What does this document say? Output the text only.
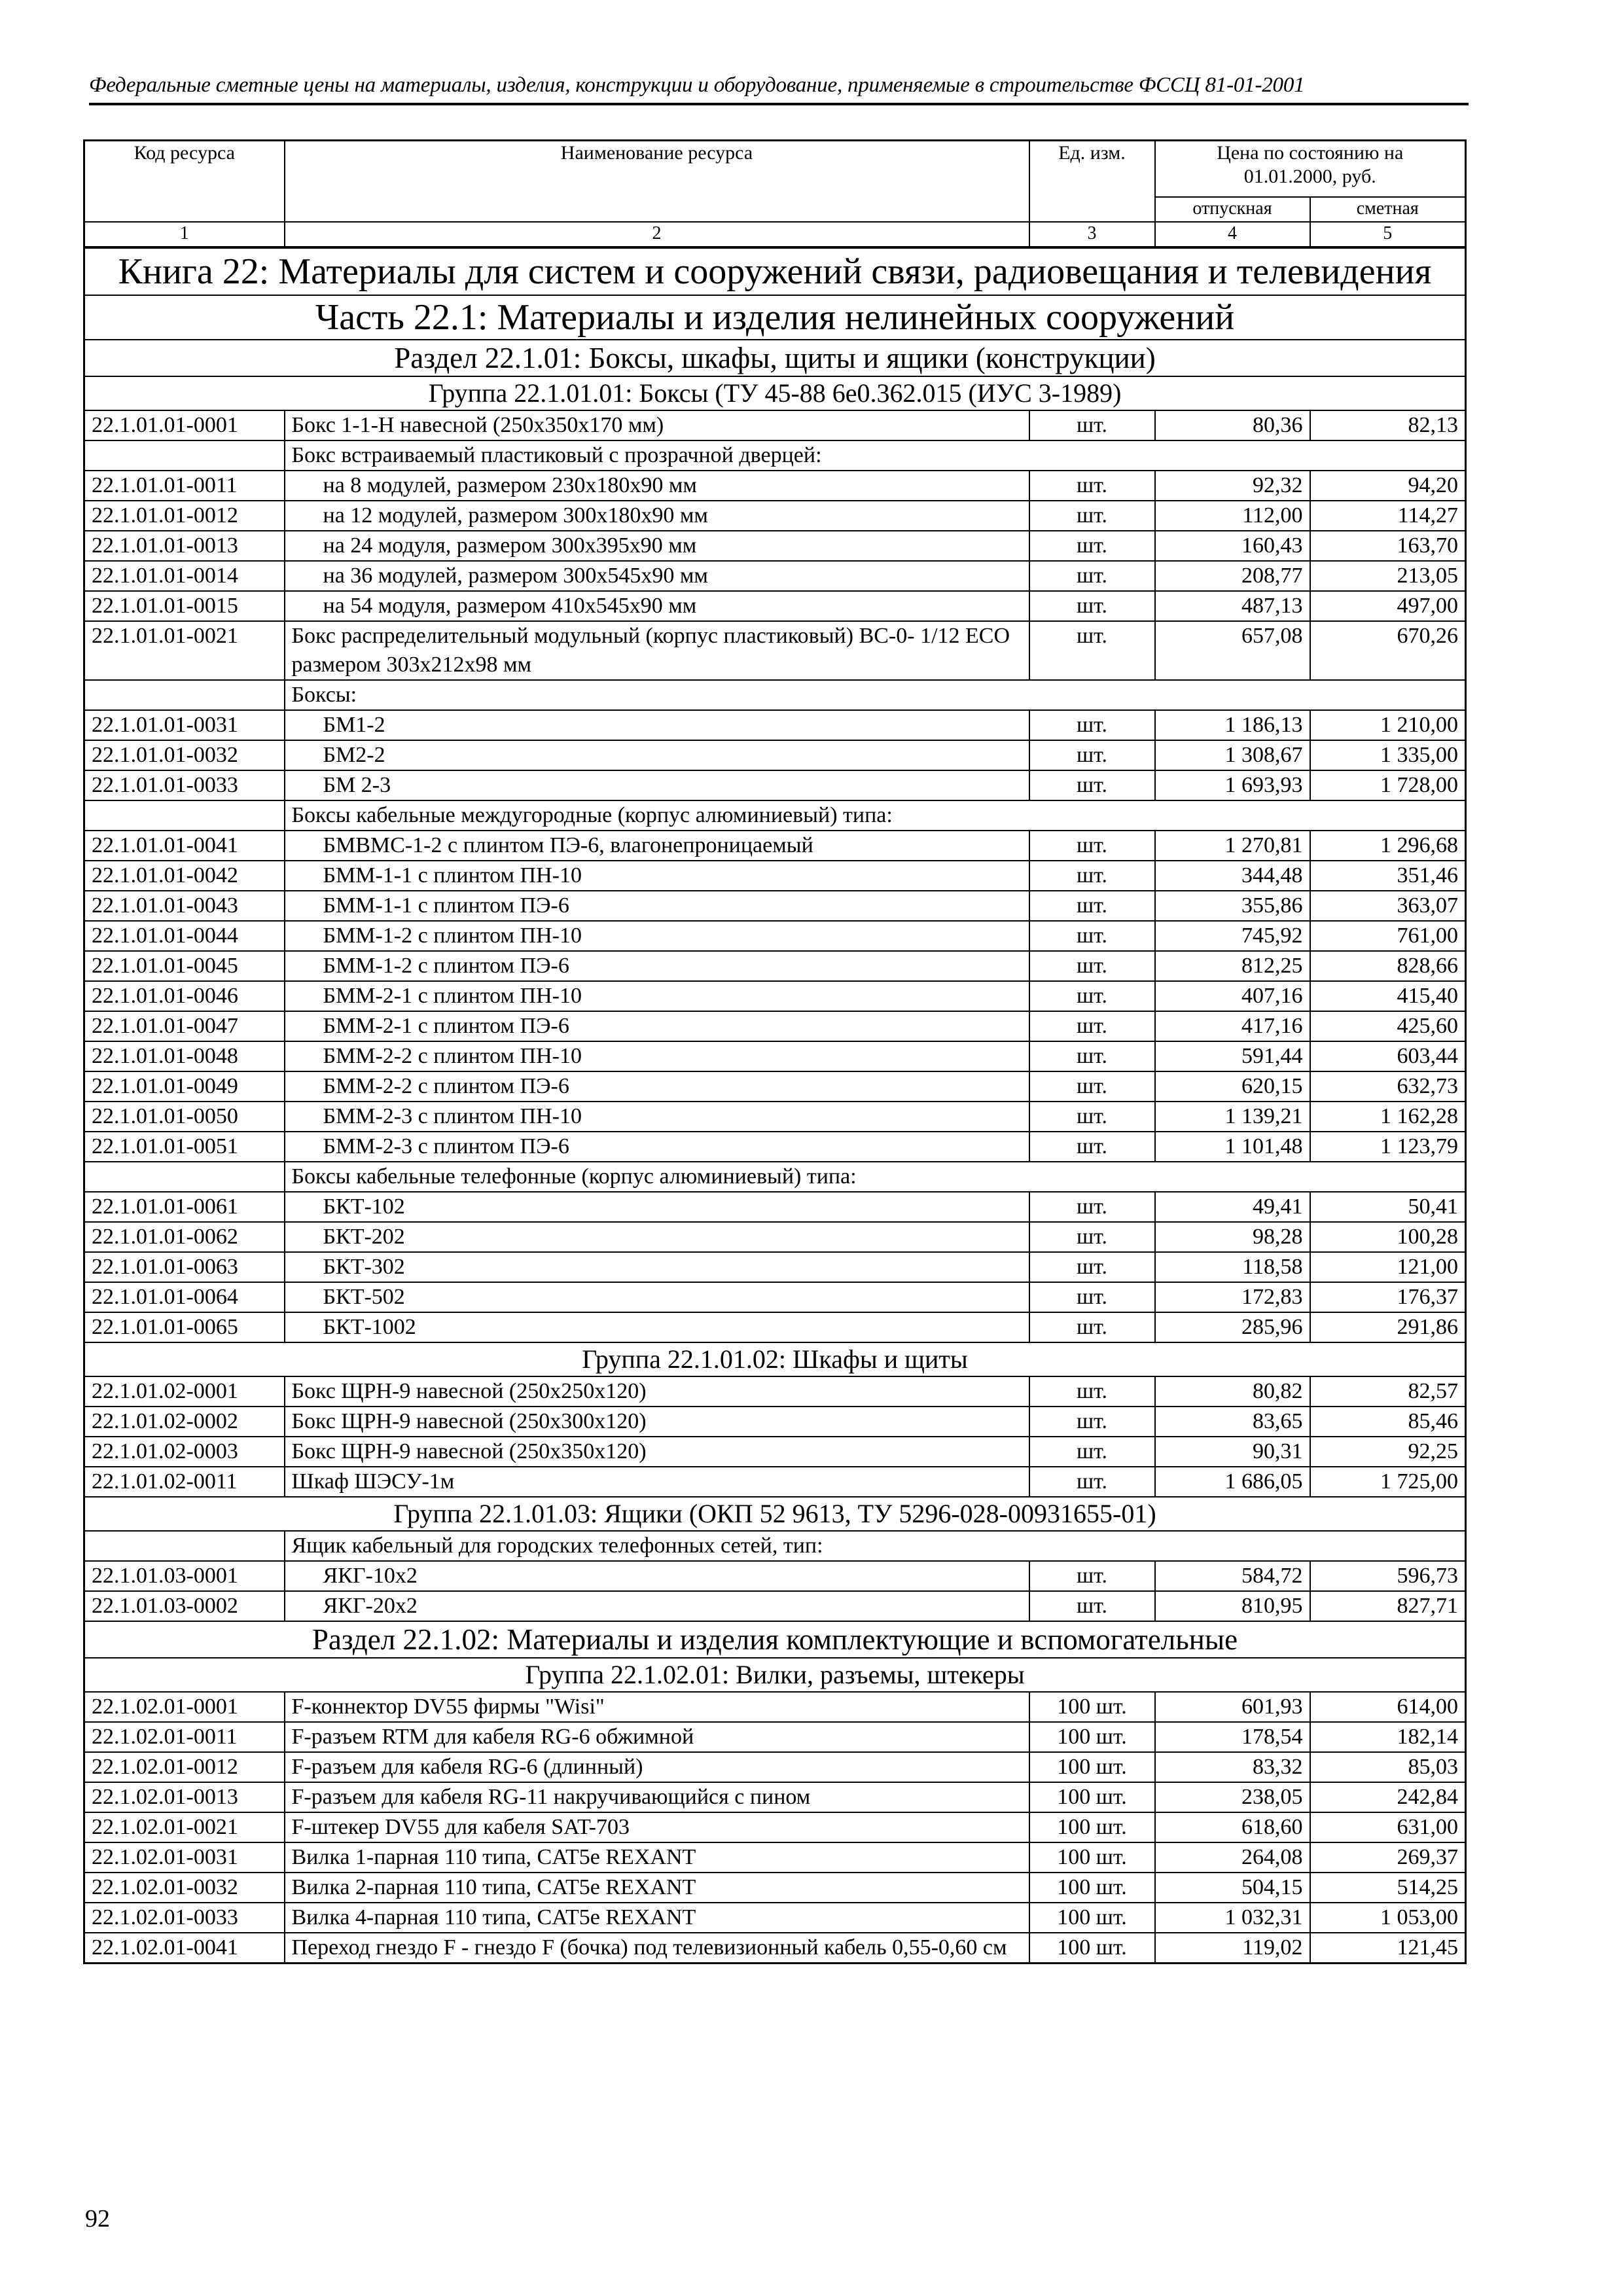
Федеральные сметные цены на материалы, изделия, конструкции и оборудование, применяемые в строительстве ФССЦ 81-01-2001
Код ресурса	Наименование ресурса	Ед. изм.	Цена по состоянию на 01.01.2000, руб.	
			отпускная	сметная
1	2	3	4	5
Книга 22: Материалы для систем и сооружений связи, радиовещания и телевидения				
Часть 22.1: Материалы и изделия нелинейных сооружений				
Раздел 22.1.01: Боксы, шкафы, щиты и ящики (конструкции)				
Группа 22.1.01.01: Боксы (ТУ 45-88 6е0.362.015 (ИУС 3-1989)				
22.1.01.01-0001	Бокс 1-1-Н навесной (250х350х170 мм)	шт.	80,36	82,13
	Бокс встраиваемый пластиковый с прозрачной дверцей:			
22.1.01.01-0011	на 8 модулей, размером 230х180х90 мм	шт.	92,32	94,20
22.1.01.01-0012	на 12 модулей, размером 300х180х90 мм	шт.	112,00	114,27
22.1.01.01-0013	на 24 модуля, размером 300х395х90 мм	шт.	160,43	163,70
22.1.01.01-0014	на 36 модулей, размером 300х545х90 мм	шт.	208,77	213,05
22.1.01.01-0015	на 54 модуля, размером 410х545х90 мм	шт.	487,13	497,00
22.1.01.01-0021	Бокс распределительный модульный (корпус пластиковый) BC-0- 1/12 ECO размером 303х212х98 мм	шт.	657,08	670,26
	Боксы:			
22.1.01.01-0031	БМ1-2	шт.	1 186,13	1 210,00
22.1.01.01-0032	БМ2-2	шт.	1 308,67	1 335,00
22.1.01.01-0033	БМ 2-3	шт.	1 693,93	1 728,00
	Боксы кабельные междугородные (корпус алюминиевый) типа:			
22.1.01.01-0041	БМВМС-1-2 с плинтом ПЭ-6, влагонепроницаемый	шт.	1 270,81	1 296,68
22.1.01.01-0042	БММ-1-1 с плинтом ПН-10	шт.	344,48	351,46
22.1.01.01-0043	БММ-1-1 с плинтом ПЭ-6	шт.	355,86	363,07
22.1.01.01-0044	БММ-1-2 с плинтом ПН-10	шт.	745,92	761,00
22.1.01.01-0045	БММ-1-2 с плинтом ПЭ-6	шт.	812,25	828,66
22.1.01.01-0046	БММ-2-1 с плинтом ПН-10	шт.	407,16	415,40
22.1.01.01-0047	БММ-2-1 с плинтом ПЭ-6	шт.	417,16	425,60
22.1.01.01-0048	БММ-2-2 с плинтом ПН-10	шт.	591,44	603,44
22.1.01.01-0049	БММ-2-2 с плинтом ПЭ-6	шт.	620,15	632,73
22.1.01.01-0050	БММ-2-3 с плинтом ПН-10	шт.	1 139,21	1 162,28
22.1.01.01-0051	БММ-2-3 с плинтом ПЭ-6	шт.	1 101,48	1 123,79
	Боксы кабельные телефонные (корпус алюминиевый) типа:			
22.1.01.01-0061	БКТ-102	шт.	49,41	50,41
22.1.01.01-0062	БКТ-202	шт.	98,28	100,28
22.1.01.01-0063	БКТ-302	шт.	118,58	121,00
22.1.01.01-0064	БКТ-502	шт.	172,83	176,37
22.1.01.01-0065	БКТ-1002	шт.	285,96	291,86
Группа 22.1.01.02: Шкафы и щиты				
22.1.01.02-0001	Бокс ЩРН-9 навесной (250х250х120)	шт.	80,82	82,57
22.1.01.02-0002	Бокс ЩРН-9 навесной (250х300х120)	шт.	83,65	85,46
22.1.01.02-0003	Бокс ЩРН-9 навесной (250х350х120)	шт.	90,31	92,25
22.1.01.02-0011	Шкаф ШЭСУ-1м	шт.	1 686,05	1 725,00
Группа 22.1.01.03: Ящики (ОКП 52 9613, ТУ 5296-028-00931655-01)				
	Ящик кабельный для городских телефонных сетей, тип:			
22.1.01.03-0001	ЯКГ-10х2	шт.	584,72	596,73
22.1.01.03-0002	ЯКГ-20х2	шт.	810,95	827,71
Раздел 22.1.02: Материалы и изделия комплектующие и вспомогательные				
Группа 22.1.02.01: Вилки, разъемы, штекеры				
22.1.02.01-0001	F-коннектор DV55 фирмы "Wisi"	100 шт.	601,93	614,00
22.1.02.01-0011	F-разъем RTM для кабеля RG-6 обжимной	100 шт.	178,54	182,14
22.1.02.01-0012	F-разъем для кабеля RG-6 (длинный)	100 шт.	83,32	85,03
22.1.02.01-0013	F-разъем для кабеля RG-11 накручивающийся с пином	100 шт.	238,05	242,84
22.1.02.01-0021	F-штекер DV55 для кабеля SAT-703	100 шт.	618,60	631,00
22.1.02.01-0031	Вилка 1-парная 110 типа, CAT5e REXANT	100 шт.	264,08	269,37
22.1.02.01-0032	Вилка 2-парная 110 типа, CAT5e REXANT	100 шт.	504,15	514,25
22.1.02.01-0033	Вилка 4-парная 110 типа, CAT5e REXANT	100 шт.	1 032,31	1 053,00
22.1.02.01-0041	Переход гнездо F - гнездо F (бочка) под телевизионный кабель 0,55-0,60 см	100 шт.	119,02	121,45
92
